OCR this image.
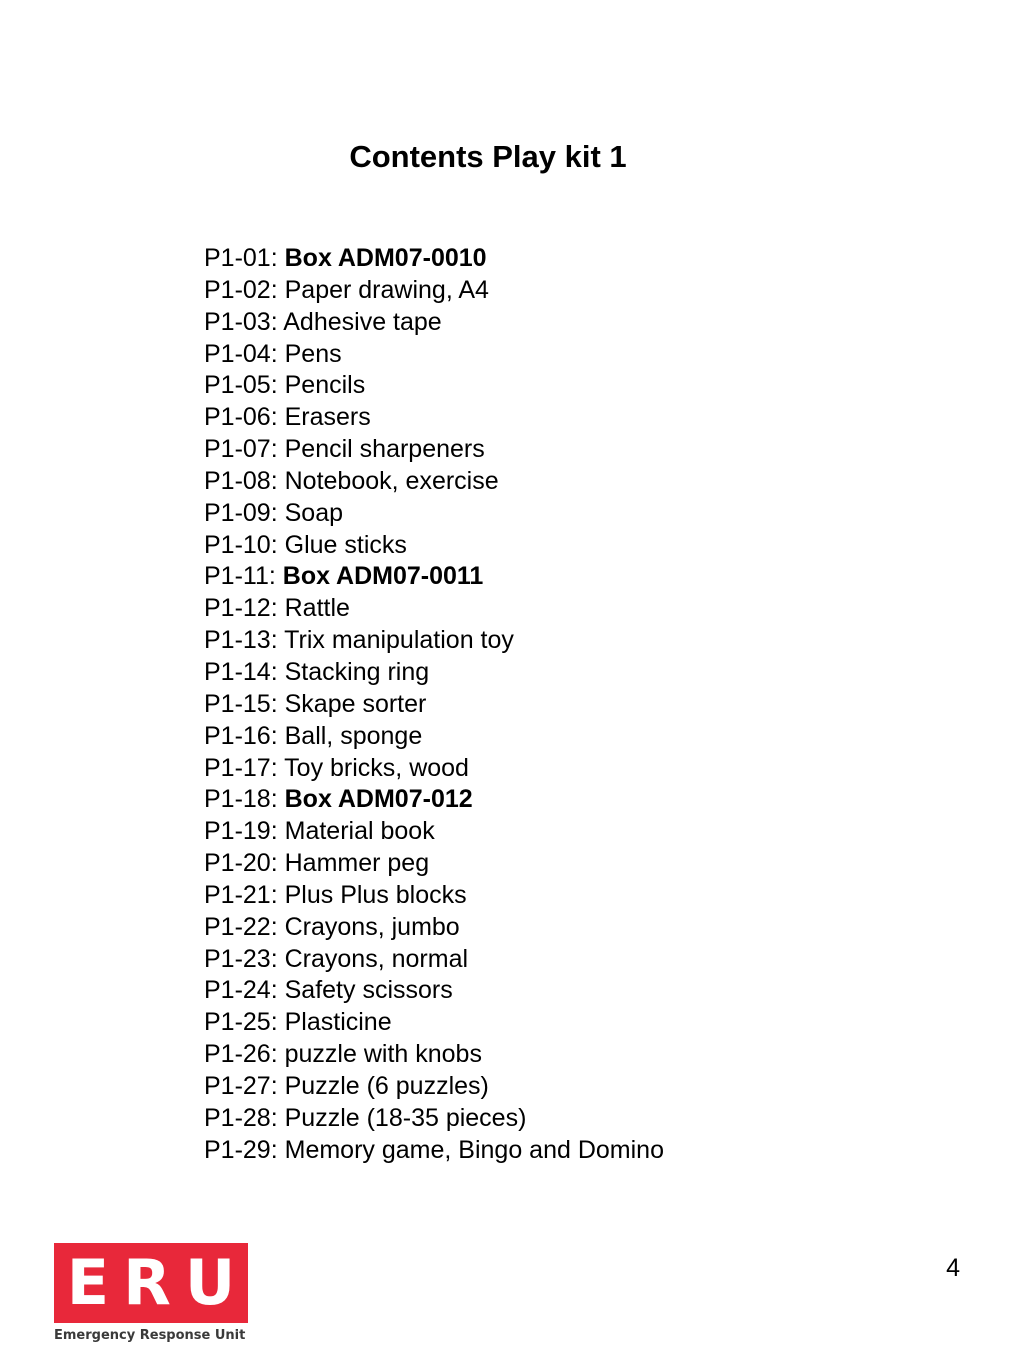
Contents Play kit 1
P1-01: Box ADM07-0010
P1-02: Paper drawing, A4
P1-03: Adhesive tape
P1-04: Pens
P1-05: Pencils
P1-06: Erasers
P1-07: Pencil sharpeners
P1-08: Notebook, exercise
P1-09: Soap
P1-10: Glue sticks
P1-11: Box ADM07-0011
P1-12: Rattle
P1-13: Trix manipulation toy
P1-14: Stacking ring
P1-15: Skape sorter
P1-16: Ball, sponge
P1-17: Toy bricks, wood
P1-18: Box ADM07-012
P1-19: Material book
P1-20: Hammer peg
P1-21: Plus Plus blocks
P1-22: Crayons, jumbo
P1-23: Crayons, normal
P1-24: Safety scissors
P1-25: Plasticine
P1-26: puzzle with knobs
P1-27: Puzzle (6 puzzles)
P1-28: Puzzle (18-35 pieces)
P1-29: Memory game, Bingo and Domino
ERU
Emergency Response Unit
4
